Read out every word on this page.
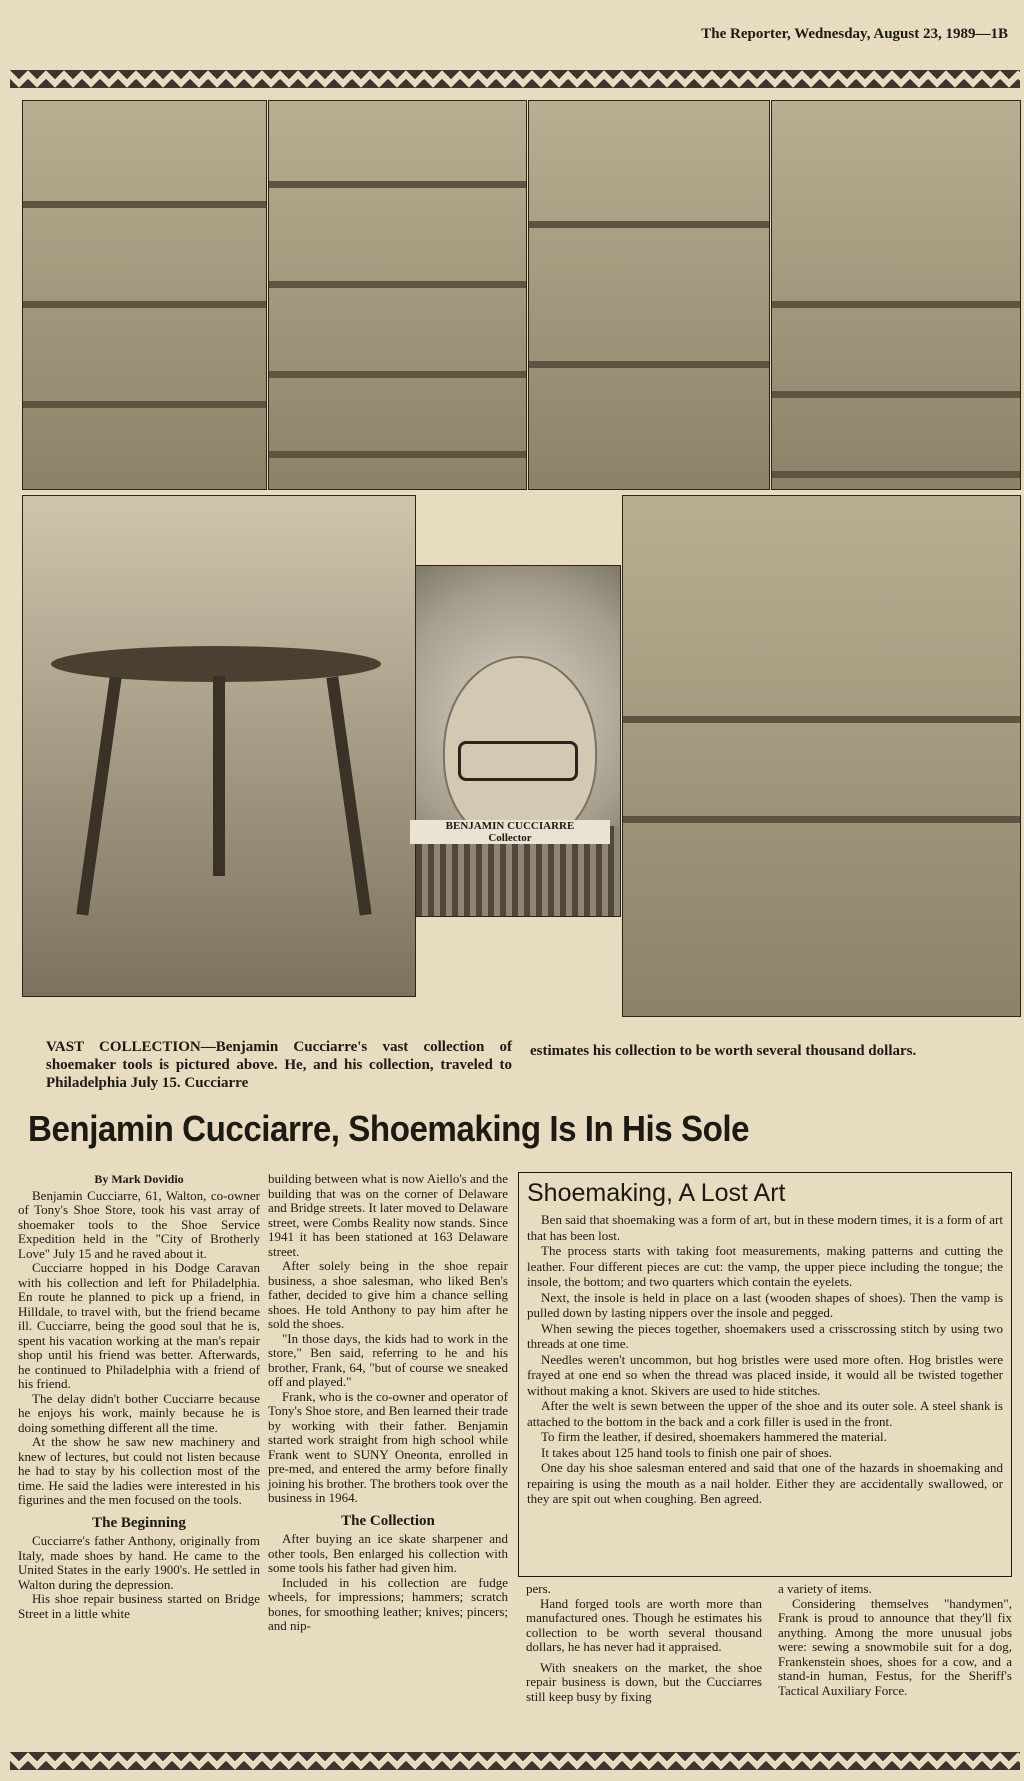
The Reporter, Wednesday, August 23, 1989—1B
BENJAMIN CUCCIARRE
Collector
VAST COLLECTION—Benjamin Cucciarre's vast collection of shoemaker tools is pictured above. He, and his collection, traveled to Philadelphia July 15. Cucciarre
estimates his collection to be worth several thousand dollars.
Benjamin Cucciarre, Shoemaking Is In His Sole
By Mark Dovidio

Benjamin Cucciarre, 61, Walton, co-owner of Tony's Shoe Store, took his vast array of shoemaker tools to the Shoe Service Expedition held in the "City of Brotherly Love" July 15 and he raved about it.

Cucciarre hopped in his Dodge Caravan with his collection and left for Philadelphia. En route he planned to pick up a friend, in Hilldale, to travel with, but the friend became ill. Cucciarre, being the good soul that he is, spent his vacation working at the man's repair shop until his friend was better. Afterwards, he continued to Philadelphia with a friend of his friend.

The delay didn't bother Cucciarre because he enjoys his work, mainly because he is doing something different all the time.

At the show he saw new machinery and knew of lectures, but could not listen because he had to stay by his collection most of the time. He said the ladies were interested in his figurines and the men focused on the tools.

The Beginning

Cucciarre's father Anthony, originally from Italy, made shoes by hand. He came to the United States in the early 1900's. He settled in Walton during the depression.

His shoe repair business started on Bridge Street in a little white

building between what is now Aiello's and the building that was on the corner of Delaware and Bridge streets. It later moved to Delaware street, were Combs Reality now stands. Since 1941 it has been stationed at 163 Delaware street.

After solely being in the shoe repair business, a shoe salesman, who liked Ben's father, decided to give him a chance selling shoes. He told Anthony to pay him after he sold the shoes.

"In those days, the kids had to work in the store," Ben said, referring to he and his brother, Frank, 64, "but of course we sneaked off and played."

Frank, who is the co-owner and operator of Tony's Shoe store, and Ben learned their trade by working with their father. Benjamin started work straight from high school while Frank went to SUNY Oneonta, enrolled in pre-med, and entered the army before finally joining his brother. The brothers took over the business in 1964.

The Collection

After buying an ice skate sharpener and other tools, Ben enlarged his collection with some tools his father had given him.

Included in his collection are fudge wheels, for impressions; hammers; scratch bones, for smoothing leather; knives; pincers; and nip-

Shoemaking, A Lost Art

Ben said that shoemaking was a form of art, but in these modern times, it is a form of art that has been lost.

The process starts with taking foot measurements, making patterns and cutting the leather. Four different pieces are cut: the vamp, the upper piece including the tongue; the insole, the bottom; and two quarters which contain the eyelets.

Next, the insole is held in place on a last (wooden shapes of shoes). Then the vamp is pulled down by lasting nippers over the insole and pegged.

When sewing the pieces together, shoemakers used a crisscrossing stitch by using two threads at one time.

Needles weren't uncommon, but hog bristles were used more often. Hog bristles were frayed at one end so when the thread was placed inside, it would all be twisted together without making a knot. Skivers are used to hide stitches.

After the welt is sewn between the upper of the shoe and its outer sole. A steel shank is attached to the bottom in the back and a cork filler is used in the front.

To firm the leather, if desired, shoemakers hammered the material.

It takes about 125 hand tools to finish one pair of shoes.

One day his shoe salesman entered and said that one of the hazards in shoemaking and repairing is using the mouth as a nail holder. Either they are accidentally swallowed, or they are spit out when coughing. Ben agreed.

pers.

Hand forged tools are worth more than manufactured ones. Though he estimates his collection to be worth several thousand dollars, he has never had it appraised.

With sneakers on the market, the shoe repair business is down, but the Cucciarres still keep busy by fixing

a variety of items.

Considering themselves "handymen", Frank is proud to announce that they'll fix anything. Among the more unusual jobs were: sewing a snowmobile suit for a dog, Frankenstein shoes, shoes for a cow, and a stand-in human, Festus, for the Sheriff's Tactical Auxiliary Force.
